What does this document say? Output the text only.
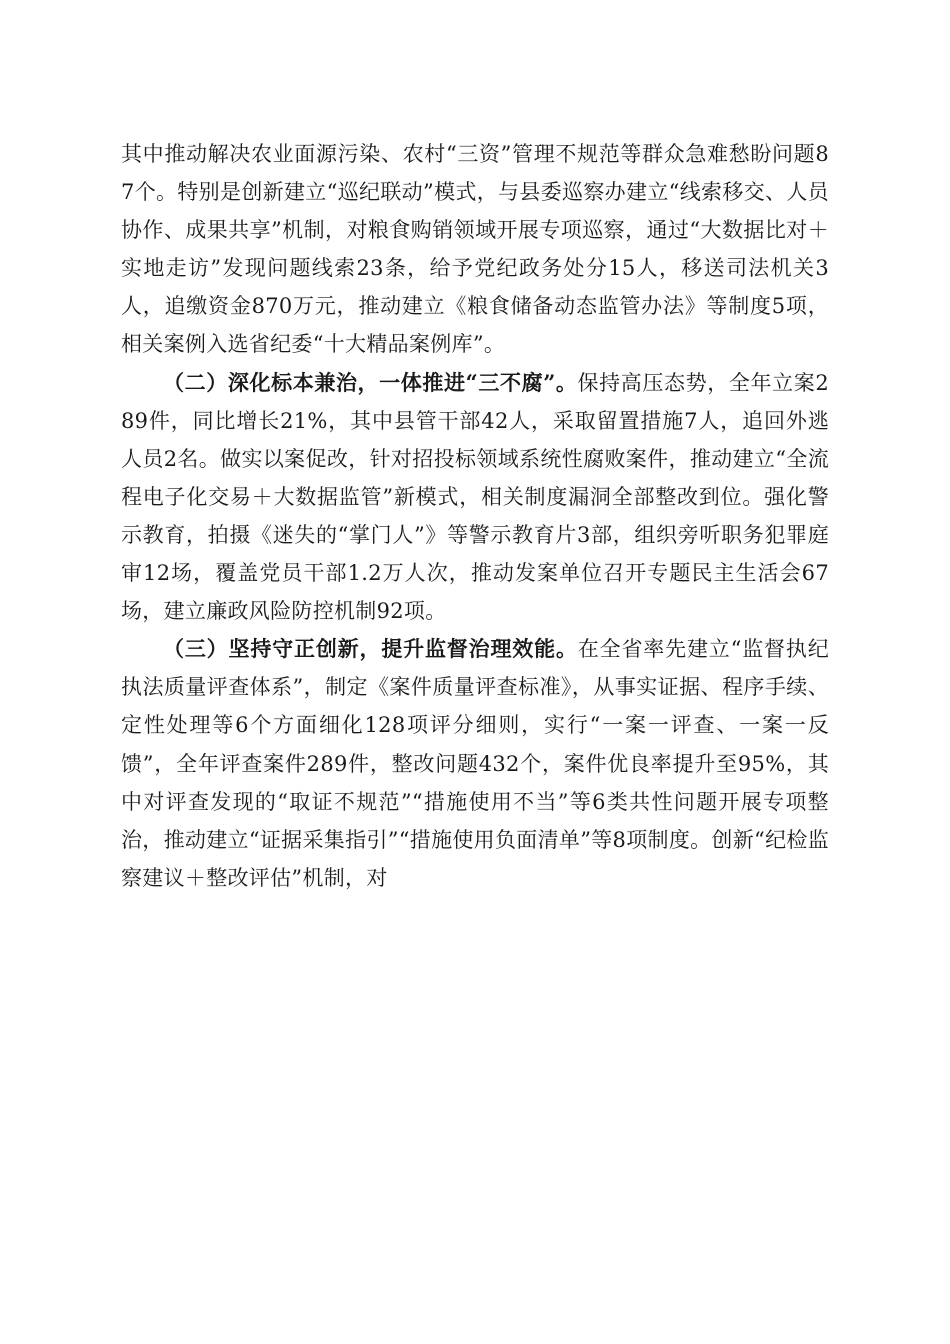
其中推动解决农业面源污染、农村“三资”管理不规范等群众急难愁盼问题87个。特别是创新建立“巡纪联动”模式，与县委巡察办建立“线索移交、人员协作、成果共享”机制，对粮食购销领域开展专项巡察，通过“大数据比对＋实地走访”发现问题线索23条，给予党纪政务处分15人，移送司法机关3人，追缴资金870万元，推动建立《粮食储备动态监管办法》等制度5项，相关案例入选省纪委“十大精品案例库”。

（二）深化标本兼治，一体推进“三不腐”。保持高压态势，全年立案289件，同比增长21%，其中县管干部42人，采取留置措施7人，追回外逃人员2名。做实以案促改，针对招投标领域系统性腐败案件，推动建立“全流程电子化交易＋大数据监管”新模式，相关制度漏洞全部整改到位。强化警示教育，拍摄《迷失的“掌门人”》等警示教育片3部，组织旁听职务犯罪庭审12场，覆盖党员干部1.2万人次，推动发案单位召开专题民主生活会67场，建立廉政风险防控机制92项。

（三）坚持守正创新，提升监督治理效能。在全省率先建立“监督执纪执法质量评查体系”，制定《案件质量评查标准》，从事实证据、程序手续、定性处理等6个方面细化128项评分细则，实行“一案一评查、一案一反馈”，全年评查案件289件，整改问题432个，案件优良率提升至95%，其中对评查发现的“取证不规范”“措施使用不当”等6类共性问题开展专项整治，推动建立“证据采集指引”“措施使用负面清单”等8项制度。创新“纪检监察建议＋整改评估”机制，对
